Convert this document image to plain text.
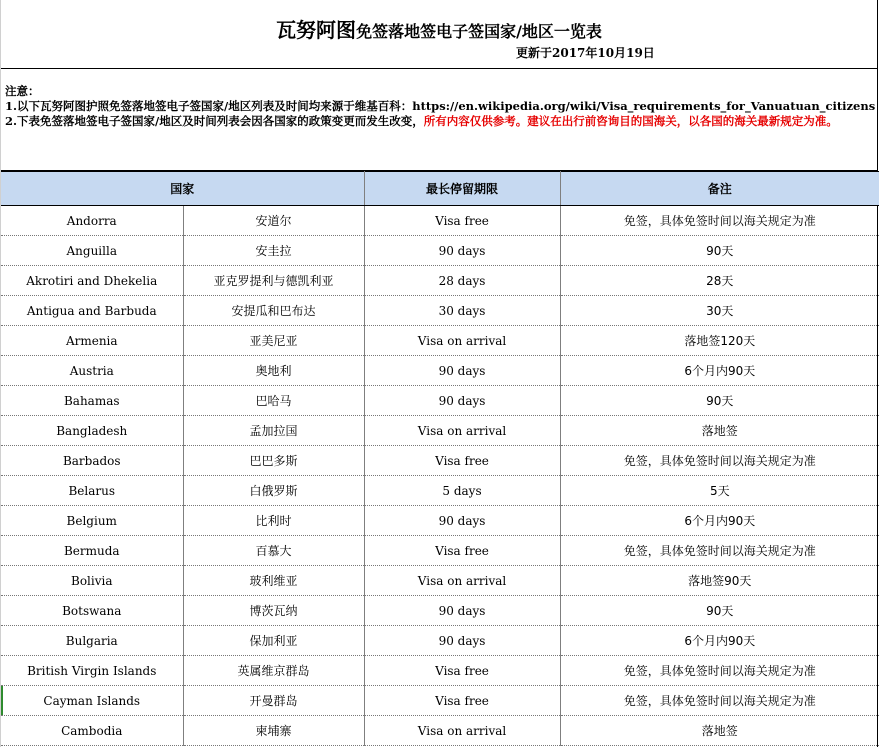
瓦努阿图免签落地签电子签国家/地区一览表
更新于2017年10月19日
注意：
1.以下瓦努阿图护照免签落地签电子签国家/地区列表及时间均来源于维基百科：https://en.wikipedia.org/wiki/Visa_requirements_for_Vanuatuan_citizens
2.下表免签落地签电子签国家/地区及时间列表会因各国家的政策变更而发生改变，所有内容仅供参考。建议在出行前咨询目的国海关，以各国的海关最新规定为准。
国家		最长停留期限	备注
Andorra	安道尔	Visa free	免签，具体免签时间以海关规定为准
Anguilla	安圭拉	90 days	90天
Akrotiri and Dhekelia	亚克罗提利与德凯利亚	28 days	28天
Antigua and Barbuda	安提瓜和巴布达	30 days	30天
Armenia	亚美尼亚	Visa on arrival	落地签120天
Austria	奥地利	90 days	6个月内90天
Bahamas	巴哈马	90 days	90天
Bangladesh	孟加拉国	Visa on arrival	落地签
Barbados	巴巴多斯	Visa free	免签，具体免签时间以海关规定为准
Belarus	白俄罗斯	5 days	5天
Belgium	比利时	90 days	6个月内90天
Bermuda	百慕大	Visa free	免签，具体免签时间以海关规定为准
Bolivia	玻利维亚	Visa on arrival	落地签90天
Botswana	博茨瓦纳	90 days	90天
Bulgaria	保加利亚	90 days	6个月内90天
British Virgin Islands	英属维京群岛	Visa free	免签，具体免签时间以海关规定为准
Cayman Islands	开曼群岛	Visa free	免签，具体免签时间以海关规定为准
Cambodia	柬埔寨	Visa on arrival	落地签
